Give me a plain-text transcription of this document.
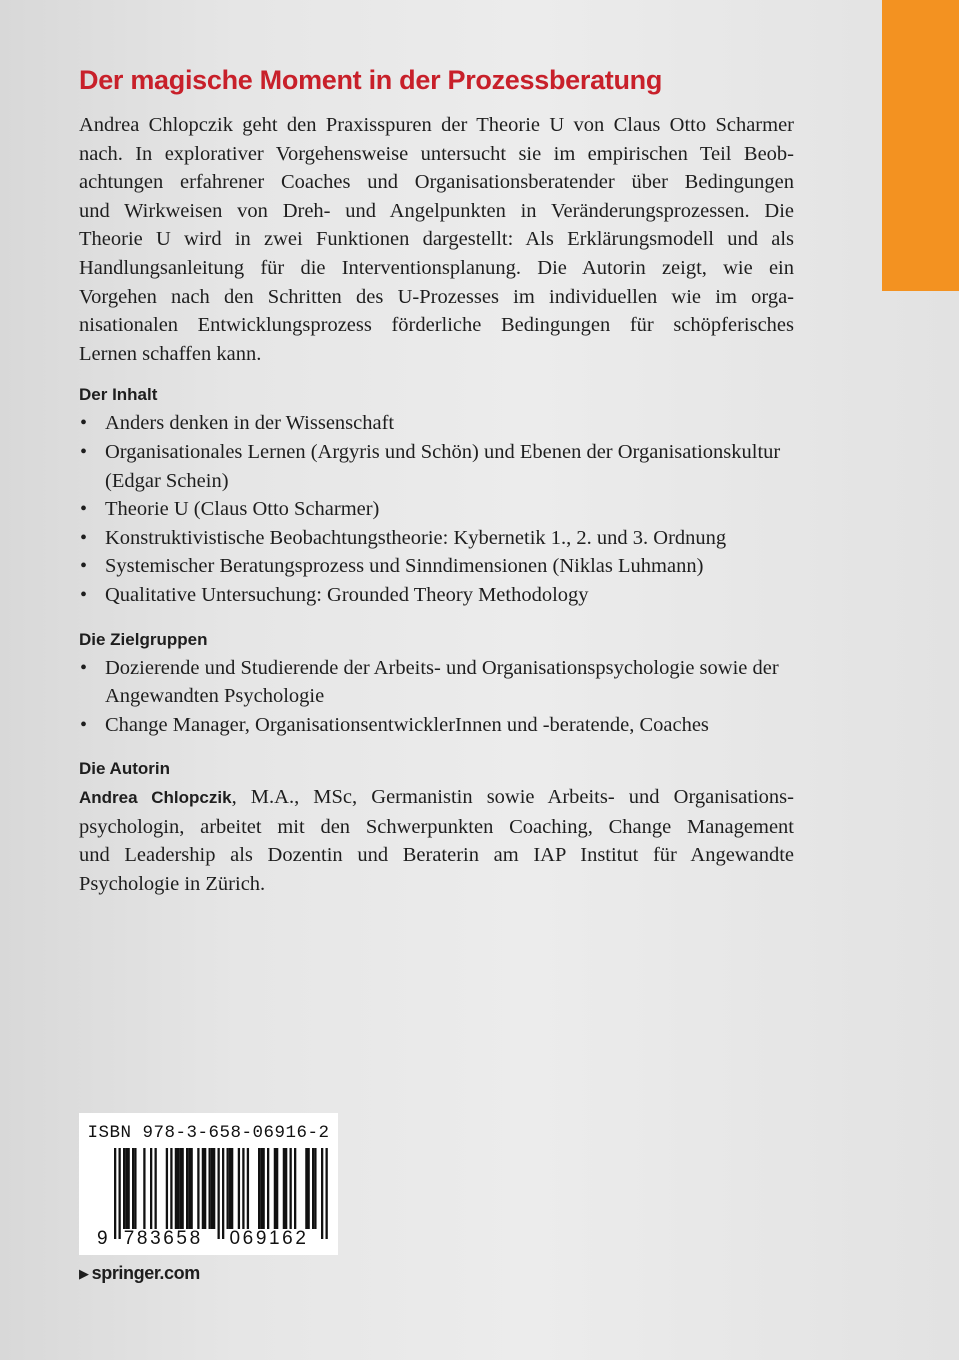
Der magische Moment in der Prozessberatung

Andrea Chlopczik geht den Praxisspuren der Theorie U von Claus Otto Scharmer
nach. In explorativer Vorgehensweise untersucht sie im empirischen Teil Beob-
achtungen erfahrener Coaches und Organisationsberatender über Bedingungen
und Wirkweisen von Dreh- und Angelpunkten in Veränderungsprozessen. Die
Theorie U wird in zwei Funktionen dargestellt: Als Erklärungsmodell und als
Handlungsanleitung für die Interventionsplanung. Die Autorin zeigt, wie ein
Vorgehen nach den Schritten des U-Prozesses im individuellen wie im orga-
nisationalen Entwicklungsprozess förderliche Bedingungen für schöpferisches
Lernen schaffen kann.

Der Inhalt
• Anders denken in der Wissenschaft
• Organisationales Lernen (Argyris und Schön) und Ebenen der Organisationskultur (Edgar Schein)
• Theorie U (Claus Otto Scharmer)
• Konstruktivistische Beobachtungstheorie: Kybernetik 1., 2. und 3. Ordnung
• Systemischer Beratungsprozess und Sinndimensionen (Niklas Luhmann)
• Qualitative Untersuchung: Grounded Theory Methodology
Die Zielgruppen
• Dozierende und Studierende der Arbeits- und Organisationspsychologie sowie der Angewandten Psychologie
• Change Manager, OrganisationsentwicklerInnen und -beratende, Coaches
Die Autorin

Andrea Chlopczik, M.A., MSc, Germanistin sowie Arbeits- und Organisations-
psychologin, arbeitet mit den Schwerpunkten Coaching, Change Management
und Leadership als Dozentin und Beraterin am IAP Institut für Angewandte
Psychologie in Zürich.

ISBN 978-3-658-06916-2
9 783658 069162
▶ springer.com
